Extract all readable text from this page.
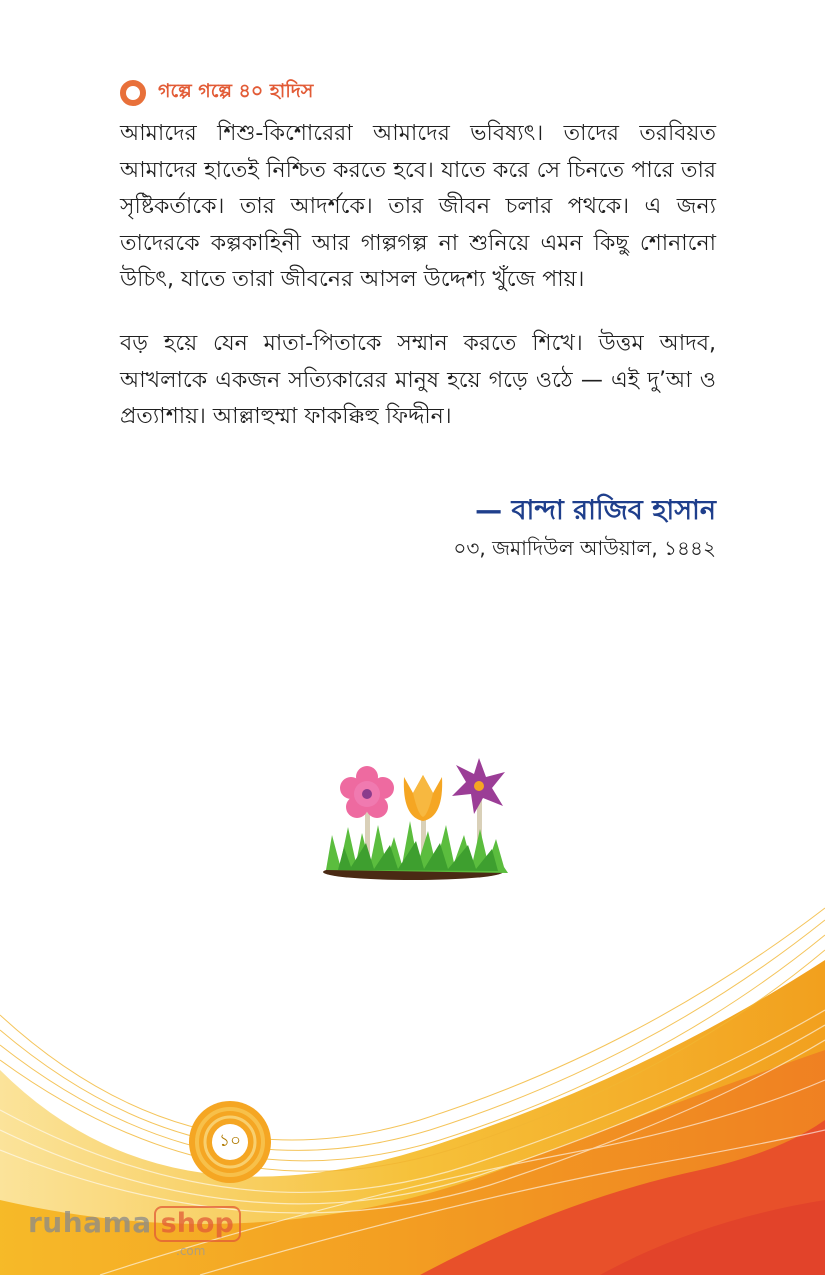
গল্পে গল্পে ৪০ হাদিস

আমাদের শিশু-কিশোরেরা আমাদের ভবিষ্যৎ। তাদের তরবিয়ত আমাদের হাতেই নিশ্চিত করতে হবে। যাতে করে সে চিনতে পারে তার সৃষ্টিকর্তাকে। তার আদর্শকে। তার জীবন চলার পথকে। এ জন্য তাদেরকে কল্পকাহিনী আর গাল্পগল্প না শুনিয়ে এমন কিছু শোনানো উচিৎ, যাতে তারা জীবনের আসল উদ্দেশ্য খুঁজে পায়।

বড় হয়ে যেন মাতা-পিতাকে সম্মান করতে শিখে। উত্তম আদব, আখলাকে একজন সত্যিকারের মানুষ হয়ে গড়ে ওঠে — এই দু’আ ও প্রত্যাশায়। আল্লাহুম্মা ফাকক্কিহু ফিদ্দীন।

— বান্দা রাজিব হাসান
০৩, জমাদিউল আউয়াল, ১৪৪২
১০
ruhama shop
.com
